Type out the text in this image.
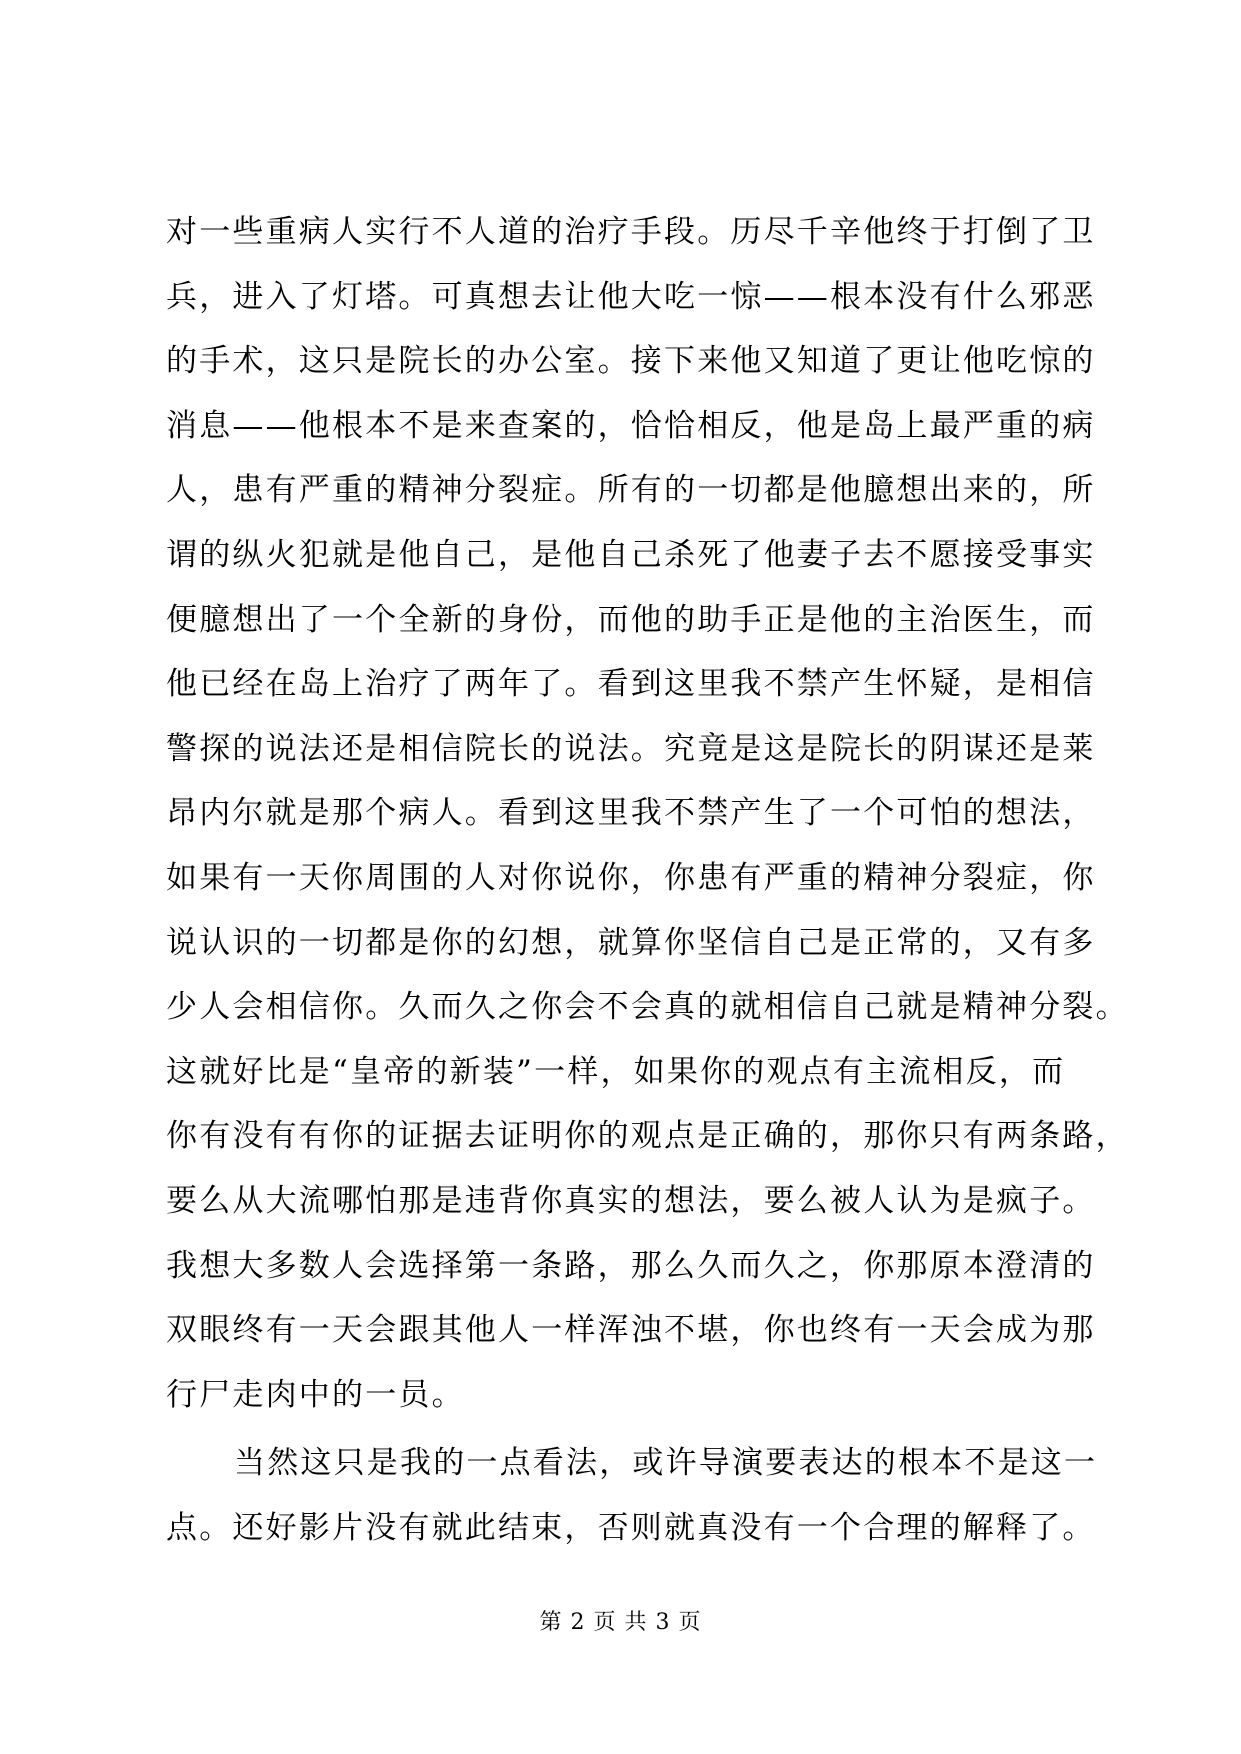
对一些重病人实行不人道的治疗手段。历尽千辛他终于打倒了卫
兵，进入了灯塔。可真想去让他大吃一惊——根本没有什么邪恶
的手术，这只是院长的办公室。接下来他又知道了更让他吃惊的
消息——他根本不是来查案的，恰恰相反，他是岛上最严重的病
人，患有严重的精神分裂症。所有的一切都是他臆想出来的，所
谓的纵火犯就是他自己，是他自己杀死了他妻子去不愿接受事实
便臆想出了一个全新的身份，而他的助手正是他的主治医生，而
他已经在岛上治疗了两年了。看到这里我不禁产生怀疑，是相信
警探的说法还是相信院长的说法。究竟是这是院长的阴谋还是莱
昂内尔就是那个病人。看到这里我不禁产生了一个可怕的想法，
如果有一天你周围的人对你说你，你患有严重的精神分裂症，你
说认识的一切都是你的幻想，就算你坚信自己是正常的，又有多
少人会相信你。久而久之你会不会真的就相信自己就是精神分裂。
这就好比是“皇帝的新装”一样，如果你的观点有主流相反，而
你有没有有你的证据去证明你的观点是正确的，那你只有两条路，
要么从大流哪怕那是违背你真实的想法，要么被人认为是疯子。
我想大多数人会选择第一条路，那么久而久之，你那原本澄清的
双眼终有一天会跟其他人一样浑浊不堪，你也终有一天会成为那
行尸走肉中的一员。
当然这只是我的一点看法，或许导演要表达的根本不是这一
点。还好影片没有就此结束，否则就真没有一个合理的解释了。
第 2 页 共 3 页
